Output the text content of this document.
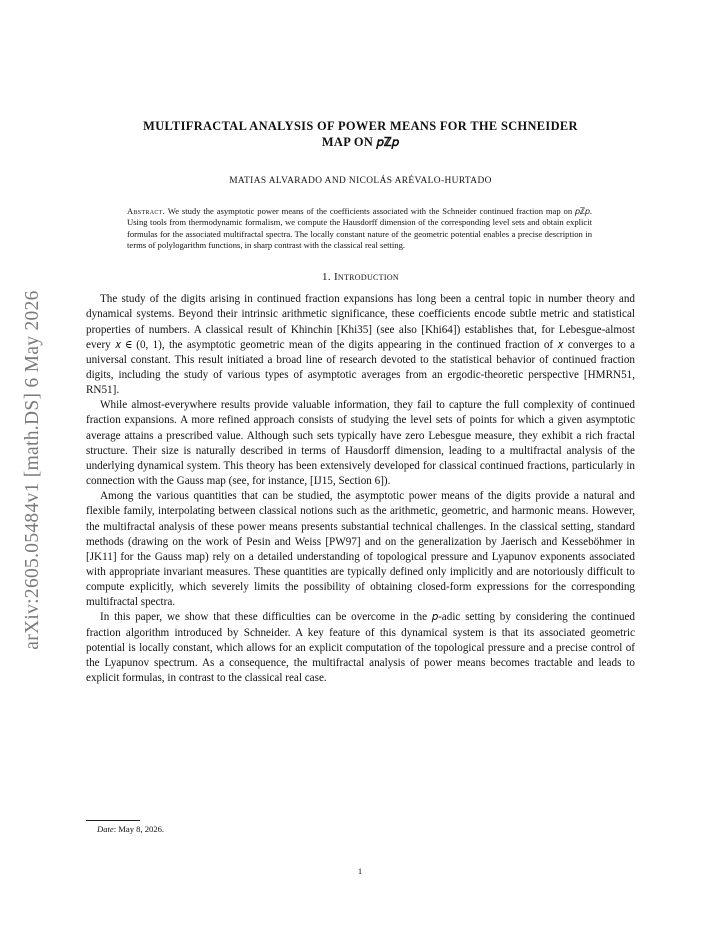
arXiv:2605.05484v1 [math.DS] 6 May 2026
MULTIFRACTAL ANALYSIS OF POWER MEANS FOR THE SCHNEIDER
MAP ON 𝑝ℤ𝑝
MATIAS ALVARADO AND NICOLÁS ARÉVALO-HURTADO
Abstract. We study the asymptotic power means of the coefficients associated with the Schneider continued fraction map on 𝑝ℤ𝑝. Using tools from thermodynamic formalism, we compute the Hausdorff dimension of the corresponding level sets and obtain explicit formulas for the associated multifractal spectra. The locally constant nature of the geometric potential enables a precise description in terms of polylogarithm functions, in sharp contrast with the classical real setting.
1. Introduction

The study of the digits arising in continued fraction expansions has long been a central topic in number theory and dynamical systems. Beyond their intrinsic arithmetic significance, these coefficients encode subtle metric and statistical properties of numbers. A classical result of Khinchin [Khi35] (see also [Khi64]) establishes that, for Lebesgue-almost every 𝑥 ∈ (0, 1), the asymptotic geometric mean of the digits appearing in the continued fraction of 𝑥 converges to a universal constant. This result initiated a broad line of research devoted to the statistical behavior of continued fraction digits, including the study of various types of asymptotic averages from an ergodic-theoretic perspective [HMRN51, RN51].

While almost-everywhere results provide valuable information, they fail to capture the full complexity of continued fraction expansions. A more refined approach consists of studying the level sets of points for which a given asymptotic average attains a prescribed value. Although such sets typically have zero Lebesgue measure, they exhibit a rich fractal structure. Their size is naturally described in terms of Hausdorff dimension, leading to a multifractal analysis of the underlying dynamical system. This theory has been extensively developed for classical continued fractions, particularly in connection with the Gauss map (see, for instance, [IJ15, Section 6]).

Among the various quantities that can be studied, the asymptotic power means of the digits provide a natural and flexible family, interpolating between classical notions such as the arithmetic, geometric, and harmonic means. However, the multifractal analysis of these power means presents substantial technical challenges. In the classical setting, standard methods (drawing on the work of Pesin and Weiss [PW97] and on the generalization by Jaerisch and Kesseböhmer in [JK11] for the Gauss map) rely on a detailed understanding of topological pressure and Lyapunov exponents associated with appropriate invariant measures. These quantities are typically defined only implicitly and are notoriously difficult to compute explicitly, which severely limits the possibility of obtaining closed-form expressions for the corresponding multifractal spectra.

In this paper, we show that these difficulties can be overcome in the 𝑝-adic setting by considering the continued fraction algorithm introduced by Schneider. A key feature of this dynamical system is that its associated geometric potential is locally constant, which allows for an explicit computation of the topological pressure and a precise control of the Lyapunov spectrum. As a consequence, the multifractal analysis of power means becomes tractable and leads to explicit formulas, in contrast to the classical real case.

Date: May 8, 2026.
1
